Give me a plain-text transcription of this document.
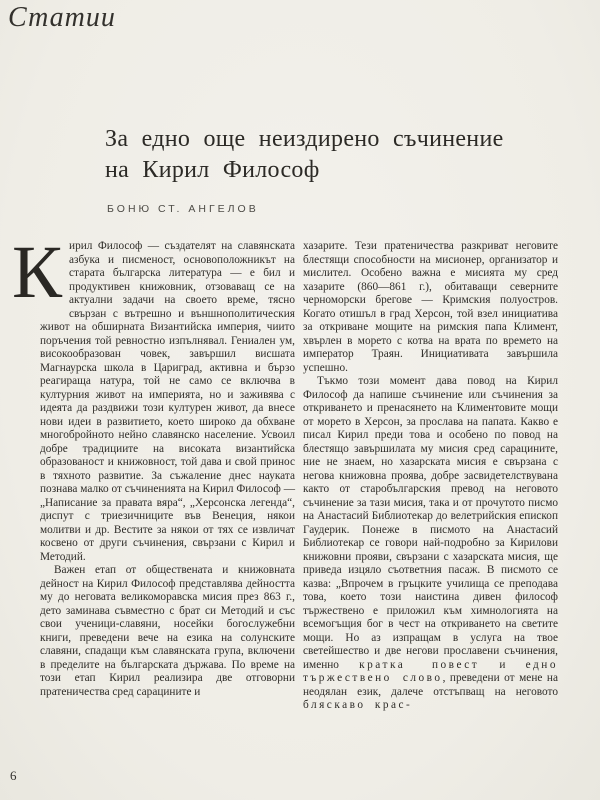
Статии
За едно още неиздирено съчинение
на Кирил Философ
БОНЮ СТ. АНГЕЛОВ

К ирил Философ — създателят на славянската азбука и писменост, основоположникът на старата българска литература — е бил и продуктивен книжовник, отзоваващ се на актуални задачи на своето време, тясно свързан с вътрешно и външнополитическия живот на обширната Византийска империя, чиито поръчения той ревностно изпълнявал. Гениален ум, високообразован човек, завършил висшата Магнаурска школа в Цариград, активна и бързо реагираща натура, той не само се включва в културния живот на империята, но и заживява с идеята да раздвижи този културен живот, да внесе нови идеи в развитието, което широко да обхване многобройното нейно славянско население. Усвоил добре традициите на високата византийска образованост и книжовност, той дава и свой принос в тяхното развитие. За съжаление днес науката познава малко от съчиненията на Кирил Философ — „Написание за правата вяра“, „Херсонска легенда“, диспут с триезичниците във Венеция, някои молитви и др. Вестите за някои от тях се извличат косвено от други съчинения, свързани с Кирил и Методий.

Важен етап от обществената и книжовната дейност на Кирил Философ представлява дейността му до неговата великоморавска мисия през 863 г., дето заминава съвместно с брат си Методий и със свои ученици-славяни, носейки богослужебни книги, преведени вече на езика на солунските славяни, спадащи към славянската група, включени в пределите на българската държава. По време на този етап Кирил реализира две отговорни пратеничества сред сарацините и

хазарите. Тези пратеничества разкриват неговите блестящи способности на мисионер, организатор и мислител. Особено важна е мисията му сред хазарите (860—861 г.), обитаващи северните черноморски брегове — Кримския полуостров. Когато отишъл в град Херсон, той взел инициатива за откриване мощите на римския папа Климент, хвърлен в морето с котва на врата по времето на император Траян. Инициативата завършила успешно.

Тъкмо този момент дава повод на Кирил Философ да напише съчинение или съчинения за откриването и пренасянето на Климентовите мощи от морето в Херсон, за прослава на папата. Какво е писал Кирил преди това и особено по повод на блестящо завършилата му мисия сред сарацините, ние не знаем, но хазарската мисия е свързана с негова книжовна проява, добре засвидетелствувана както от старобългарския превод на неговото съчинение за тази мисия, така и от прочутото писмо на Анастасий Библиотекар до велетрийския епископ Гаудерик. Понеже в писмото на Анастасий Библиотекар се говори най-подробно за Кирилови книжовни прояви, свързани с хазарската мисия, ще приведа изцяло съответния пасаж. В писмото се казва: „Впрочем в гръцките училища се преподава това, което този наистина дивен философ тържествено е приложил към химнологията на всемогъщия бог в чест на откриването на светите мощи. Но аз изпращам в услуга на твое светейшество и две негови прославени съчинения, именно кратка повест и едно тържествено слово, преведени от мене на неодялан език, далече отстъпващ на неговото бляскаво крас-

6
